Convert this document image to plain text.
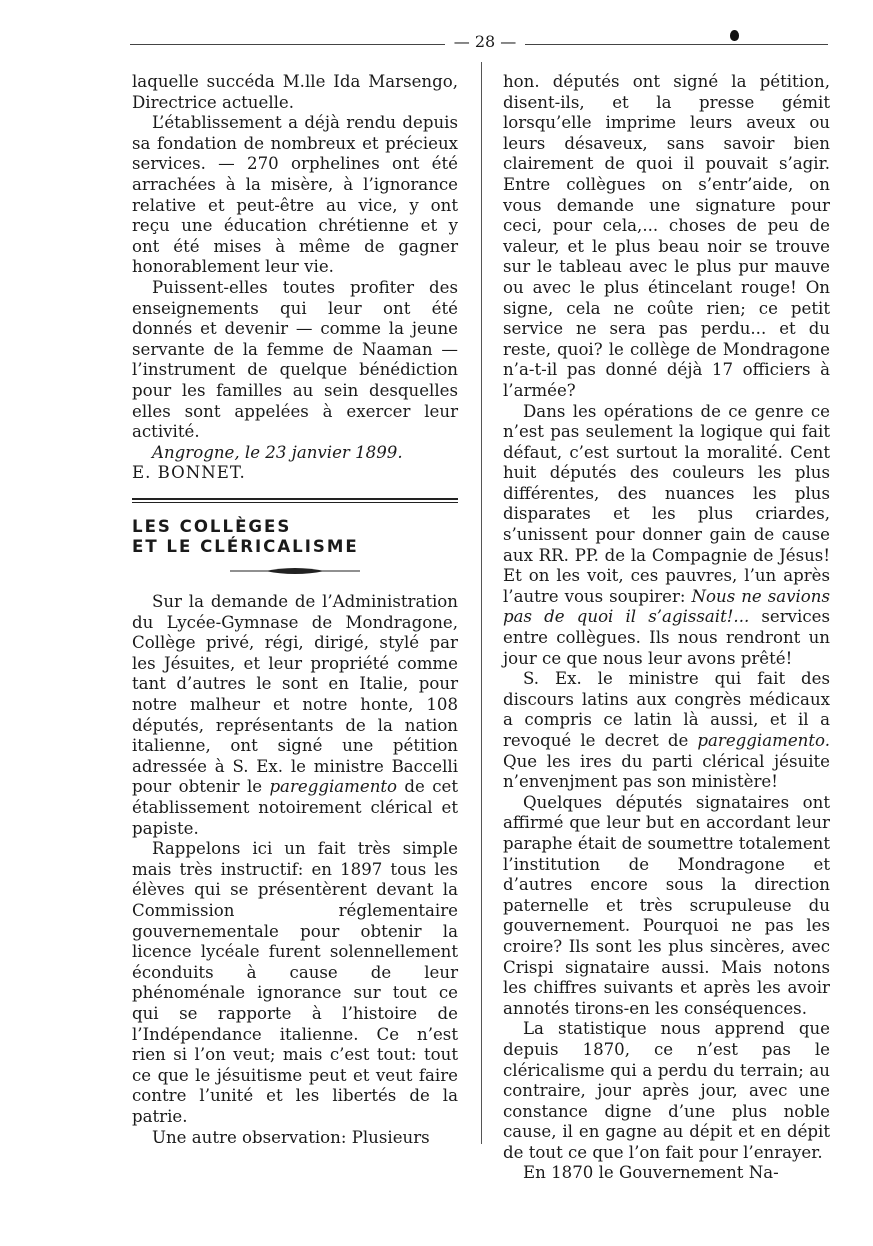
— 28 —

laquelle succéda M.lle Ida Marsengo, Directrice actuelle.

L’établissement a déjà rendu depuis sa fondation de nombreux et précieux services. — 270 orphelines ont été arrachées à la misère, à l’ignorance relative et peut-être au vice, y ont reçu une éducation chrétienne et y ont été mises à même de gagner honorablement leur vie.

Puissent-elles toutes profiter des enseignements qui leur ont été donnés et devenir — comme la jeune servante de la femme de Naaman — l’instrument de quelque bénédiction pour les familles au sein desquelles elles sont appelées à exercer leur activité.

Angrogne, le 23 janvier 1899.

E. BONNET.

LES COLLÈGES

ET LE CLÉRICALISME

Sur la demande de l’Administration du Lycée-Gymnase de Mondragone, Collège privé, régi, dirigé, stylé par les Jésuites, et leur propriété comme tant d’autres le sont en Italie, pour notre malheur et notre honte, 108 députés, représentants de la nation italienne, ont signé une pétition adressée à S. Ex. le ministre Baccelli pour obtenir le pareggiamento de cet établissement notoirement clérical et papiste.

Rappelons ici un fait très simple mais très instructif: en 1897 tous les élèves qui se présentèrent devant la Commission réglementaire gouvernementale pour obtenir la licence lycéale furent solennellement éconduits à cause de leur phénoménale ignorance sur tout ce qui se rapporte à l’histoire de l’Indépendance italienne. Ce n’est rien si l’on veut; mais c’est tout: tout ce que le jésuitisme peut et veut faire contre l’unité et les libertés de la patrie.

Une autre observation: Plusieurs

hon. députés ont signé la pétition, disent-ils, et la presse gémit lorsqu’elle imprime leurs aveux ou leurs désaveux, sans savoir bien clairement de quoi il pouvait s’agir. Entre collègues on s’entr’aide, on vous demande une signature pour ceci, pour cela,... choses de peu de valeur, et le plus beau noir se trouve sur le tableau avec le plus pur mauve ou avec le plus étincelant rouge! On signe, cela ne coûte rien; ce petit service ne sera pas perdu... et du reste, quoi? le collège de Mondragone n’a-t-il pas donné déjà 17 officiers à l’armée?

Dans les opérations de ce genre ce n’est pas seulement la logique qui fait défaut, c’est surtout la moralité. Cent huit députés des couleurs les plus différentes, des nuances les plus disparates et les plus criardes, s’unissent pour donner gain de cause aux RR. PP. de la Compagnie de Jésus! Et on les voit, ces pauvres, l’un après l’autre vous soupirer: Nous ne savions pas de quoi il s’agissait!... services entre collègues. Ils nous rendront un jour ce que nous leur avons prêté!

S. Ex. le ministre qui fait des discours latins aux congrès médicaux a compris ce latin là aussi, et il a revoqué le decret de pareggiamento. Que les ires du parti clérical jésuite n’envenjment pas son ministère!

Quelques députés signataires ont affirmé que leur but en accordant leur paraphe était de soumettre totalement l’institution de Mondragone et d’autres encore sous la direction paternelle et très scrupuleuse du gouvernement. Pourquoi ne pas les croire? Ils sont les plus sincères, avec Crispi signataire aussi. Mais notons les chiffres suivants et après les avoir annotés tirons-en les conséquences.

La statistique nous apprend que depuis 1870, ce n’est pas le cléricalisme qui a perdu du terrain; au contraire, jour après jour, avec une constance digne d’une plus noble cause, il en gagne au dépit et en dépit de tout ce que l’on fait pour l’enrayer.

En 1870 le Gouvernement Na-
